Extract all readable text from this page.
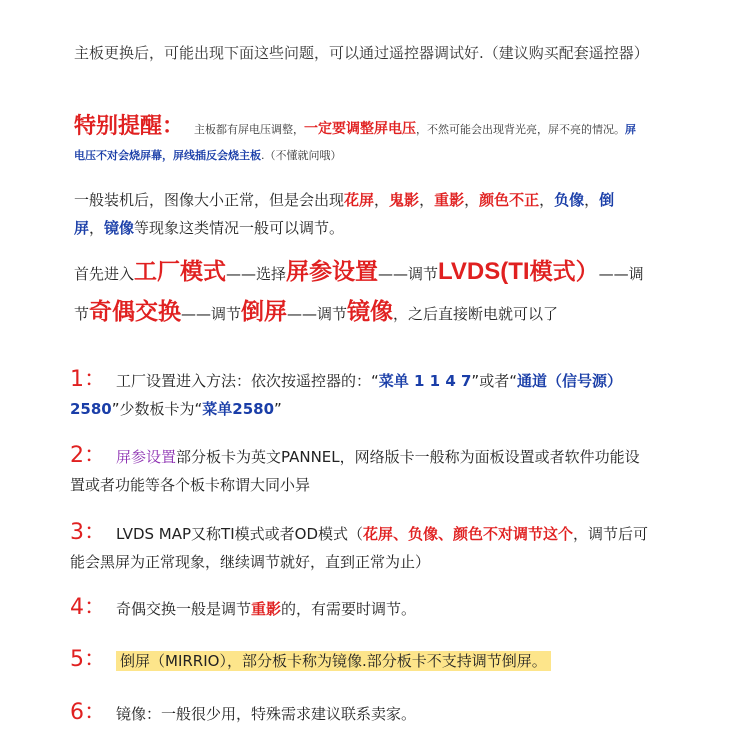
主板更换后，可能出现下面这些问题，可以通过遥控器调试好.（建议购买配套遥控器）

特别提醒： 主板都有屏电压调整，一定要调整屏电压，不然可能会出现背光亮，屏不亮的情况。屏电压不对会烧屏幕，屏线插反会烧主板.（不懂就问哦）

一般装机后，图像大小正常，但是会出现花屏，鬼影，重影，颜色不正，负像，倒屏，镜像等现象这类情况一般可以调节。

首先进入工厂模式——选择屏参设置——调节LVDS(TI模式）——调节奇偶交换——调节倒屏——调节镜像，之后直接断电就可以了

1： 工厂设置进入方法：依次按遥控器的：“菜单 1 1 4 7”或者“通道（信号源）2580”少数板卡为“菜单2580”

2： 屏参设置部分板卡为英文PANNEL，网络版卡一般称为面板设置或者软件功能设置或者功能等各个板卡称谓大同小异

3： LVDS MAP又称TI模式或者OD模式（花屏、负像、颜色不对调节这个，调节后可能会黑屏为正常现象，继续调节就好，直到正常为止）

4： 奇偶交换一般是调节重影的，有需要时调节。

5： 倒屏（MIRRIO），部分板卡称为镜像.部分板卡不支持调节倒屏。

6： 镜像：一般很少用，特殊需求建议联系卖家。
